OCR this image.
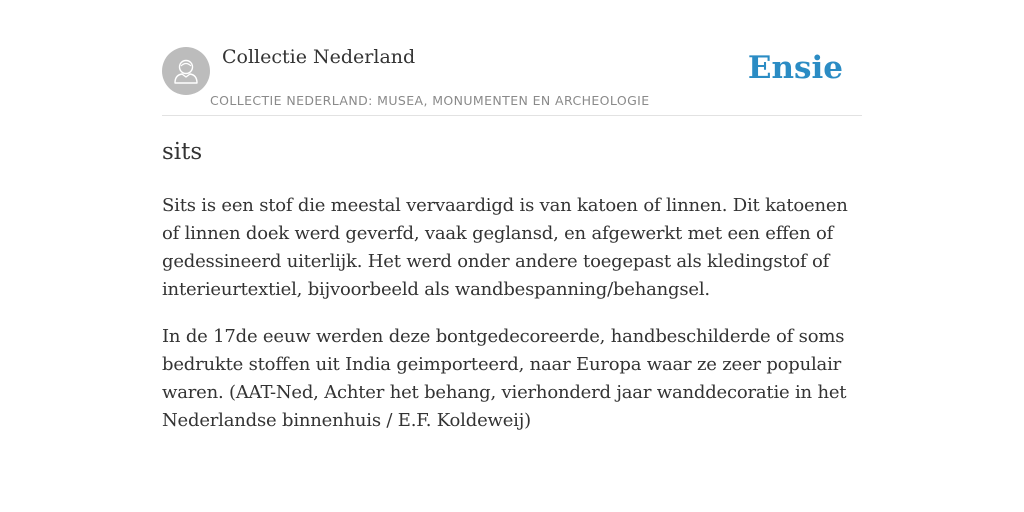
Collectie Nederland
COLLECTIE NEDERLAND: MUSEA, MONUMENTEN EN ARCHEOLOGIE
Ensie
sits

Sits is een stof die meestal vervaardigd is van katoen of linnen. Dit katoenen of linnen doek werd geverfd, vaak geglansd, en afgewerkt met een effen of gedessineerd uiterlijk. Het werd onder andere toegepast als kledingstof of interieurtextiel, bijvoorbeeld als wandbespanning/behangsel.

In de 17de eeuw werden deze bontgedecoreerde, handbeschilderde of soms bedrukte stoffen uit India geimporteerd, naar Europa waar ze zeer populair waren. (AAT-Ned, Achter het behang, vierhonderd jaar wanddecoratie in het Nederlandse binnenhuis / E.F. Koldeweij)
